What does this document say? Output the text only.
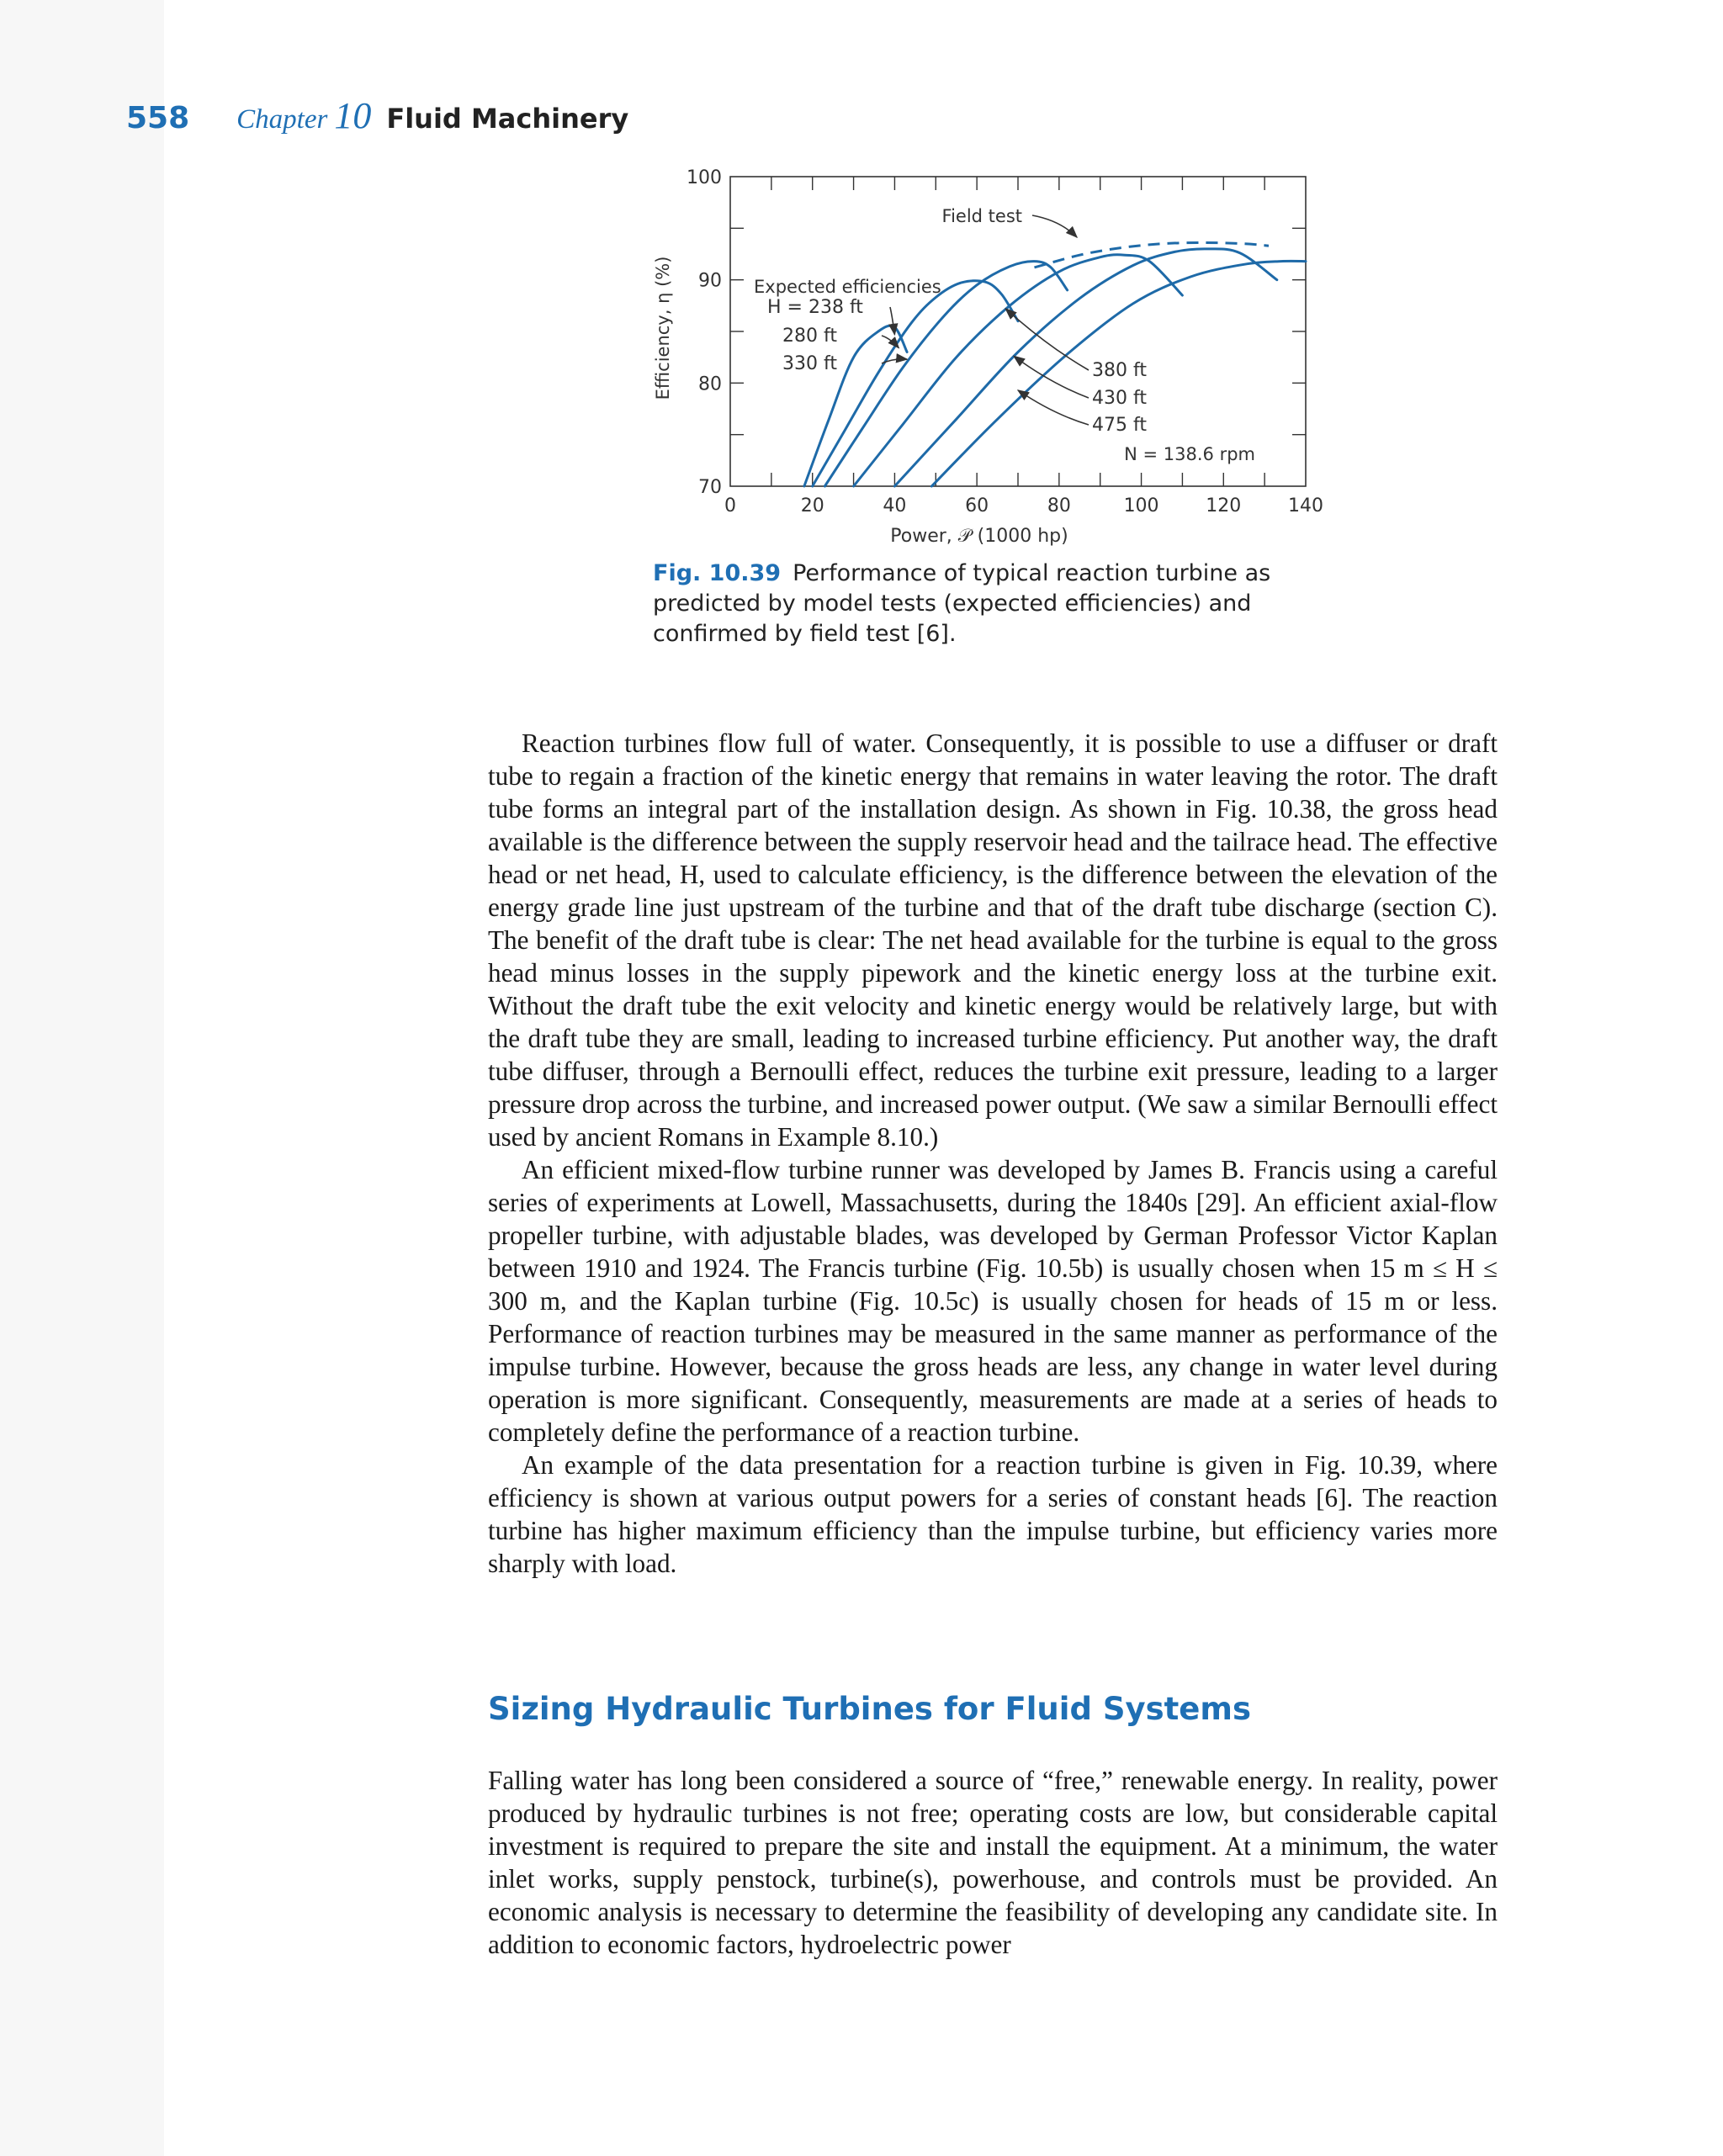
558 Chapter 10 Fluid Machinery
0	20	40	60	80	100	120	140
70
80
90
100
H = 238 ft
280 ft
330 ft	380 ft
430 ft
475 ft
Efficiency, η (%)
Power, 𝒫 (1000 hp)
Field test
Expected efficiencies
N = 138.6 rpm
Fig. 10.39 Performance of typical reaction turbine as predicted by model tests (expected efficiencies) and confirmed by field test [6].

Reaction turbines flow full of water. Consequently, it is possible to use a diffuser or draft tube to regain a fraction of the kinetic energy that remains in water leaving the rotor. The draft tube forms an integral part of the installation design. As shown in Fig. 10.38, the gross head available is the difference between the supply reservoir head and the tailrace head. The effective head or net head, H, used to calculate efficiency, is the difference between the elevation of the energy grade line just upstream of the turbine and that of the draft tube discharge (section C). The benefit of the draft tube is clear: The net head available for the turbine is equal to the gross head minus losses in the supply pipework and the kinetic energy loss at the turbine exit. Without the draft tube the exit velocity and kinetic energy would be relatively large, but with the draft tube they are small, leading to increased turbine efficiency. Put another way, the draft tube diffuser, through a Bernoulli effect, reduces the turbine exit pressure, leading to a larger pressure drop across the turbine, and increased power output. (We saw a similar Bernoulli effect used by ancient Romans in Example 8.10.)

An efficient mixed-flow turbine runner was developed by James B. Francis using a careful series of experiments at Lowell, Massachusetts, during the 1840s [29]. An efficient axial-flow propeller turbine, with adjustable blades, was developed by German Professor Victor Kaplan between 1910 and 1924. The Francis turbine (Fig. 10.5b) is usually chosen when 15 m ≤ H ≤ 300 m, and the Kaplan turbine (Fig. 10.5c) is usually chosen for heads of 15 m or less. Performance of reaction turbines may be measured in the same manner as performance of the impulse turbine. However, because the gross heads are less, any change in water level during operation is more significant. Consequently, measurements are made at a series of heads to completely define the performance of a reaction turbine.

An example of the data presentation for a reaction turbine is given in Fig. 10.39, where efficiency is shown at various output powers for a series of constant heads [6]. The reaction turbine has higher maximum efficiency than the impulse turbine, but efficiency varies more sharply with load.

Sizing Hydraulic Turbines for Fluid Systems

Falling water has long been considered a source of “free,” renewable energy. In reality, power produced by hydraulic turbines is not free; operating costs are low, but considerable capital investment is required to prepare the site and install the equipment. At a minimum, the water inlet works, supply penstock, turbine(s), powerhouse, and controls must be provided. An economic analysis is necessary to determine the feasibility of developing any candidate site. In addition to economic factors, hydroelectric power
